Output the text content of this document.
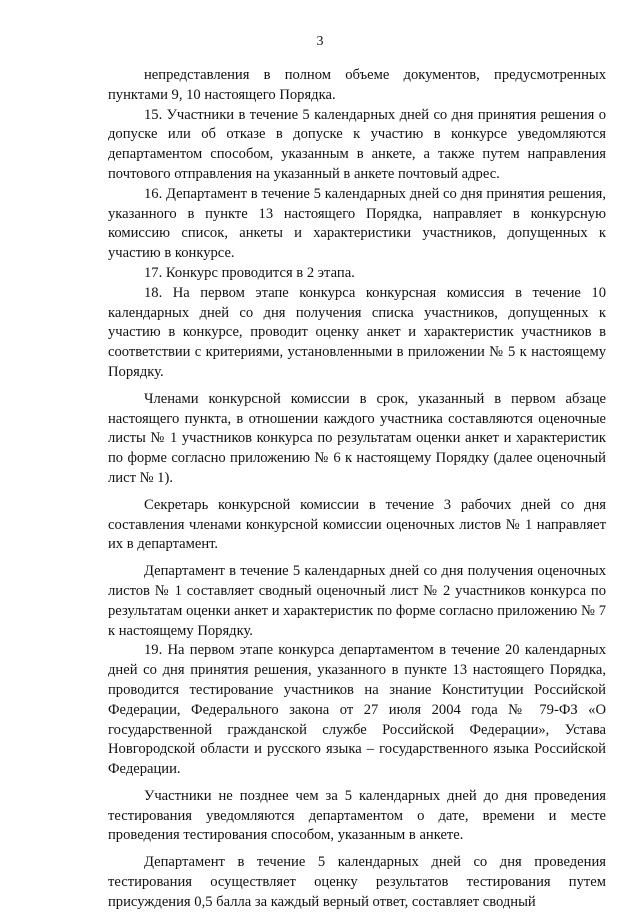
3

непредставления в полном объеме документов, предусмотренных пунктами 9, 10 настоящего Порядка.

15. Участники в течение 5 календарных дней со дня принятия решения о допуске или об отказе в допуске к участию в конкурсе уведомляются департаментом способом, указанным в анкете, а также путем направления почтового отправления на указанный в анкете почтовый адрес.

16. Департамент в течение 5 календарных дней со дня принятия решения, указанного в пункте 13 настоящего Порядка, направляет в конкурсную комиссию список, анкеты и характеристики участников, допущенных к участию в конкурсе.

17. Конкурс проводится в 2 этапа.

18. На первом этапе конкурса конкурсная комиссия в течение 10 календарных дней со дня получения списка участников, допущенных к участию в конкурсе, проводит оценку анкет и характеристик участников в соответствии с критериями, установленными в приложении № 5 к настоящему Порядку.

Членами конкурсной комиссии в срок, указанный в первом абзаце настоящего пункта, в отношении каждого участника составляются оценочные листы № 1 участников конкурса по результатам оценки анкет и характеристик по форме согласно приложению № 6 к настоящему Порядку (далее оценочный лист № 1).

Секретарь конкурсной комиссии в течение 3 рабочих дней со дня составления членами конкурсной комиссии оценочных листов № 1 направляет их в департамент.

Департамент в течение 5 календарных дней со дня получения оценочных листов № 1 составляет сводный оценочный лист № 2 участников конкурса по результатам оценки анкет и характеристик по форме согласно приложению № 7 к настоящему Порядку.

19. На первом этапе конкурса департаментом в течение 20 календарных дней со дня принятия решения, указанного в пункте 13 настоящего Порядка, проводится тестирование участников на знание Конституции Российской Федерации, Федерального закона от 27 июля 2004 года № 79-ФЗ «О государственной гражданской службе Российской Федерации», Устава Новгородской области и русского языка – государственного языка Российской Федерации.

Участники не позднее чем за 5 календарных дней до дня проведения тестирования уведомляются департаментом о дате, времени и месте проведения тестирования способом, указанным в анкете.

Департамент в течение 5 календарных дней со дня проведения тестирования осуществляет оценку результатов тестирования путем присуждения 0,5 балла за каждый верный ответ, составляет сводный
